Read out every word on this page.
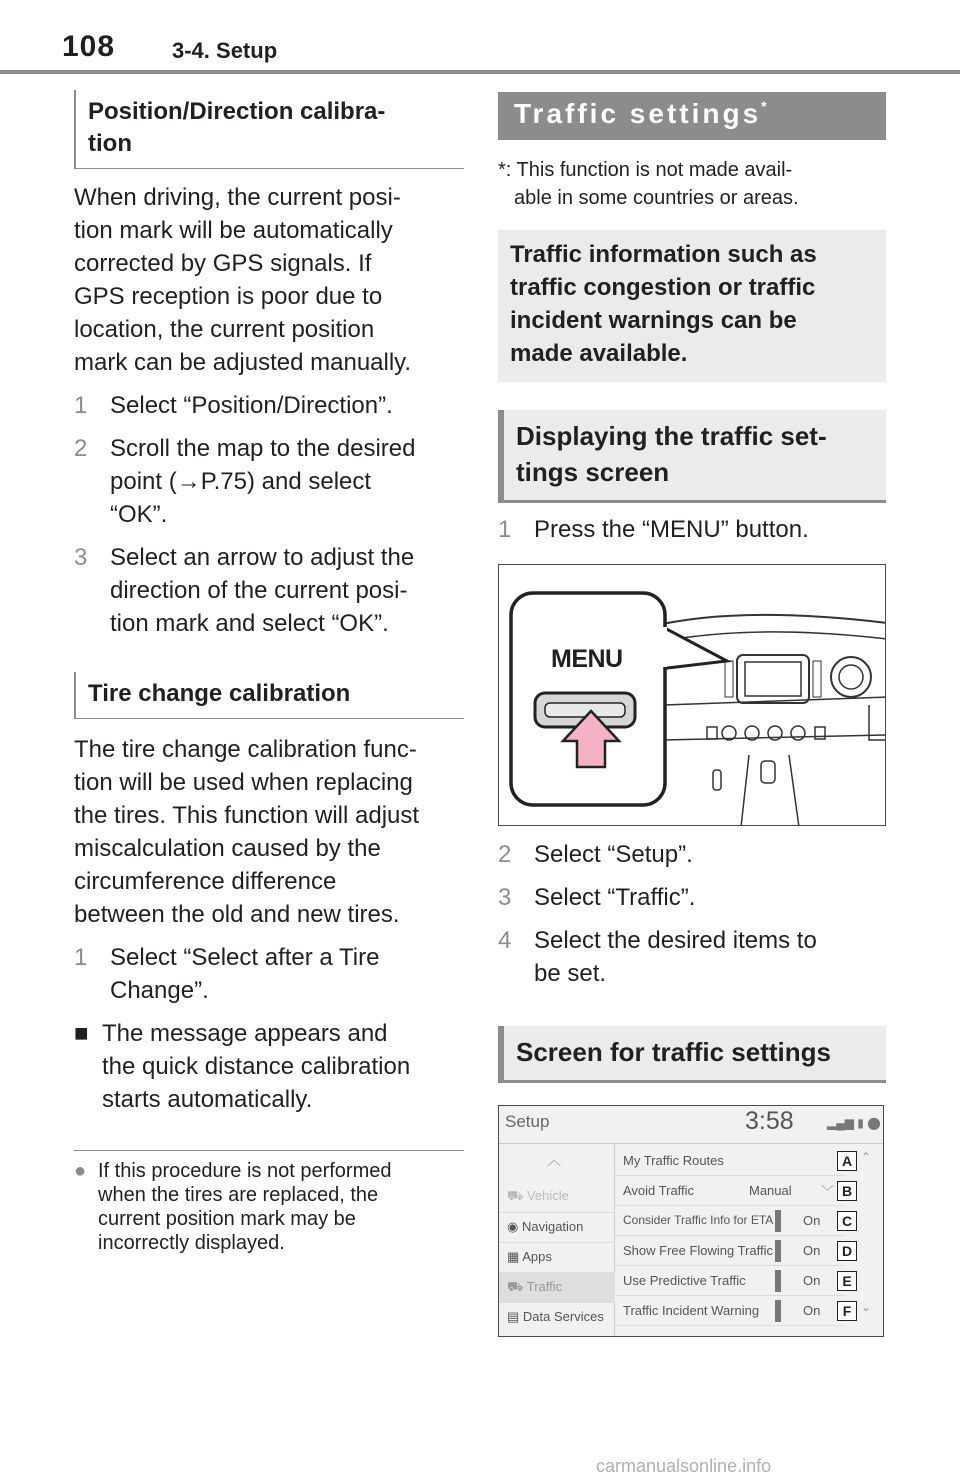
108	3-4. Setup
Position/Direction calibra-
tion
When driving, the current posi-
tion mark will be automatically
corrected by GPS signals. If
GPS reception is poor due to
location, the current position
mark can be adjusted manually.
1 Select “Position/Direction”.
2 Scroll the map to the desired
point (→P.75) and select
“OK”.
3 Select an arrow to adjust the
direction of the current posi-
tion mark and select “OK”.
Tire change calibration
The tire change calibration func-
tion will be used when replacing
the tires. This function will adjust
miscalculation caused by the
circumference difference
between the old and new tires.
1 Select “Select after a Tire
Change”.
■ The message appears and
the quick distance calibration
starts automatically.
● If this procedure is not performed
when the tires are replaced, the
current position mark may be
incorrectly displayed.
Traffic settings*
*: This function is not made avail-
able in some countries or areas.
Traffic information such as
traffic congestion or traffic
incident warnings can be
made available.
Displaying the traffic set-
tings screen
1 Press the “MENU” button.
MENU
2 Select “Setup”.
3 Select “Traffic”.
4 Select the desired items to
be set.
Screen for traffic settings
Setup	3:58	▂▄▆ ▮ ⬤
︿
⛟ Vehicle
◉ Navigation
▦ Apps
⛟ Traffic
▤ Data Services
My Traffic Routes
Avoid Traffic	Manual ﹀
Consider Traffic Info for ETA On
Show Free Flowing Traffic On
Use Predictive Traffic	On
Traffic Incident Warning	On
A
B
C
D
E
F
⌃
⌄
carmanualsonline.info
